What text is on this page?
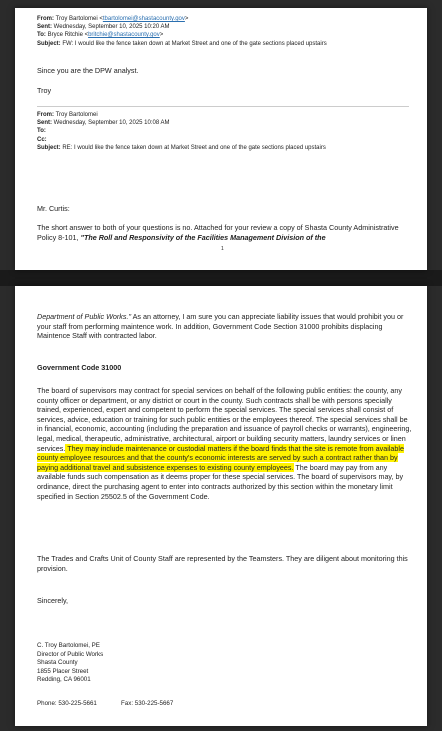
From: Troy Bartolomei <tbartolomei@shastacounty.gov>
Sent: Wednesday, September 10, 2025 10:20 AM
To: Bryce Ritchie <britchie@shastacounty.gov>
Subject: FW: I would like the fence taken down at Market Street and one of the gate sections placed upstairs
Since you are the DPW analyst.
Troy
From: Troy Bartolomei
Sent: Wednesday, September 10, 2025 10:08 AM
To:
Cc:
Subject: RE: I would like the fence taken down at Market Street and one of the gate sections placed upstairs
Mr. Curtis:
The short answer to both of your questions is no. Attached for your review a copy of Shasta County Administrative Policy 8-101, "The Roll and Responsivity of the Facilities Management Division of the
1
Department of Public Works." As an attorney, I am sure you can appreciate liability issues that would prohibit you or your staff from performing maintence work. In addition, Government Code Section 31000 prohibits displacing Maintence Staff with contracted labor.
Government Code 31000
The board of supervisors may contract for special services on behalf of the following public entities: the county, any county officer or department, or any district or court in the county. Such contracts shall be with persons specially trained, experienced, expert and competent to perform the special services. The special services shall consist of services, advice, education or training for such public entities or the employees thereof. The special services shall be in financial, economic, accounting (including the preparation and issuance of payroll checks or warrants), engineering, legal, medical, therapeutic, administrative, architectural, airport or building security matters, laundry services or linen services. They may include maintenance or custodial matters if the board finds that the site is remote from available county employee resources and that the county's economic interests are served by such a contract rather than by paying additional travel and subsistence expenses to existing county employees. The board may pay from any available funds such compensation as it deems proper for these special services. The board of supervisors may, by ordinance, direct the purchasing agent to enter into contracts authorized by this section within the monetary limit specified in Section 25502.5 of the Government Code.
The Trades and Crafts Unit of County Staff are represented by the Teamsters. They are diligent about monitoring this provision.
Sincerely,
C. Troy Bartolomei, PE
Director of Public Works
Shasta County
1855 Placer Street
Redding, CA 96001
Phone: 530-225-5661	Fax: 530-225-5667
